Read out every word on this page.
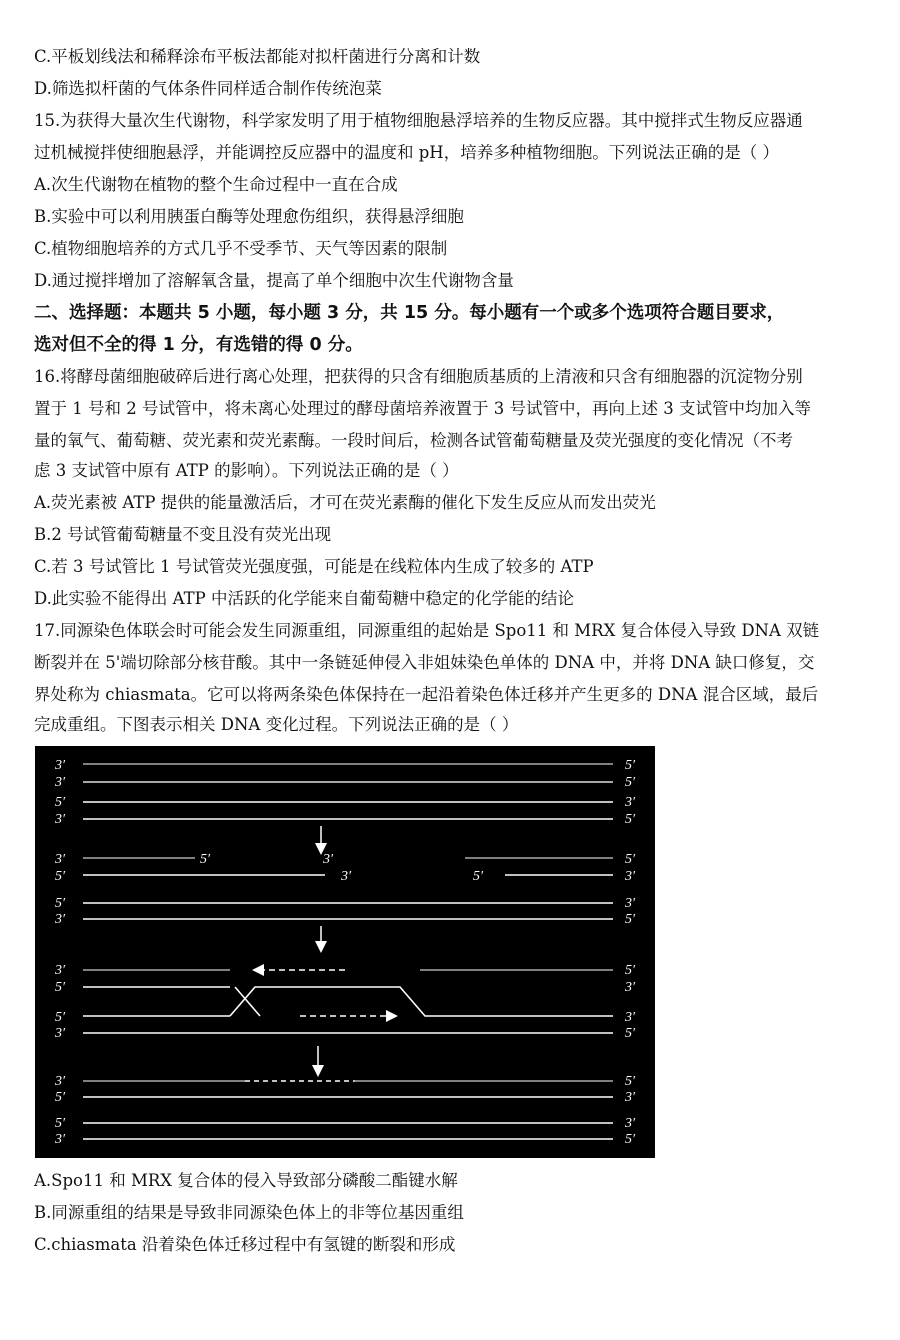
C.平板划线法和稀释涂布平板法都能对拟杆菌进行分离和计数
D.筛选拟杆菌的气体条件同样适合制作传统泡菜
15.为获得大量次生代谢物，科学家发明了用于植物细胞悬浮培养的生物反应器。其中搅拌式生物反应器通
过机械搅拌使细胞悬浮，并能调控反应器中的温度和 pH，培养多种植物细胞。下列说法正确的是（ ）
A.次生代谢物在植物的整个生命过程中一直在合成
B.实验中可以利用胰蛋白酶等处理愈伤组织，获得悬浮细胞
C.植物细胞培养的方式几乎不受季节、天气等因素的限制
D.通过搅拌增加了溶解氧含量，提高了单个细胞中次生代谢物含量
二、选择题：本题共 5 小题，每小题 3 分，共 15 分。每小题有一个或多个选项符合题目要求，
选对但不全的得 1 分，有选错的得 0 分。
16.将酵母菌细胞破碎后进行离心处理，把获得的只含有细胞质基质的上清液和只含有细胞器的沉淀物分别
置于 1 号和 2 号试管中，将未离心处理过的酵母菌培养液置于 3 号试管中，再向上述 3 支试管中均加入等
量的氧气、葡萄糖、荧光素和荧光素酶。一段时间后，检测各试管葡萄糖量及荧光强度的变化情况（不考
虑 3 支试管中原有 ATP 的影响）。下列说法正确的是（ ）
A.荧光素被 ATP 提供的能量激活后，才可在荧光素酶的催化下发生反应从而发出荧光
B.2 号试管葡萄糖量不变且没有荧光出现
C.若 3 号试管比 1 号试管荧光强度强，可能是在线粒体内生成了较多的 ATP
D.此实验不能得出 ATP 中活跃的化学能来自葡萄糖中稳定的化学能的结论
17.同源染色体联会时可能会发生同源重组，同源重组的起始是 Spo11 和 MRX 复合体侵入导致 DNA 双链
断裂并在 5'端切除部分核苷酸。其中一条链延伸侵入非姐妹染色单体的 DNA 中，并将 DNA 缺口修复，交
界处称为 chiasmata。它可以将两条染色体保持在一起沿着染色体迁移并产生更多的 DNA 混合区域，最后
完成重组。下图表示相关 DNA 变化过程。下列说法正确的是（ ）
3′
3′
5′
3′
5′
5′
3′
5′
3′
5′
5′	3′
3′	5′
5′
3′
5′
3′
3′
5′
3′
5′
5′
3′
5′
3′
3′
5′
3′
5′
5′
3′
5′
3′
3′
5′
A.Spo11 和 MRX 复合体的侵入导致部分磷酸二酯键水解
B.同源重组的结果是导致非同源染色体上的非等位基因重组
C.chiasmata 沿着染色体迁移过程中有氢键的断裂和形成
